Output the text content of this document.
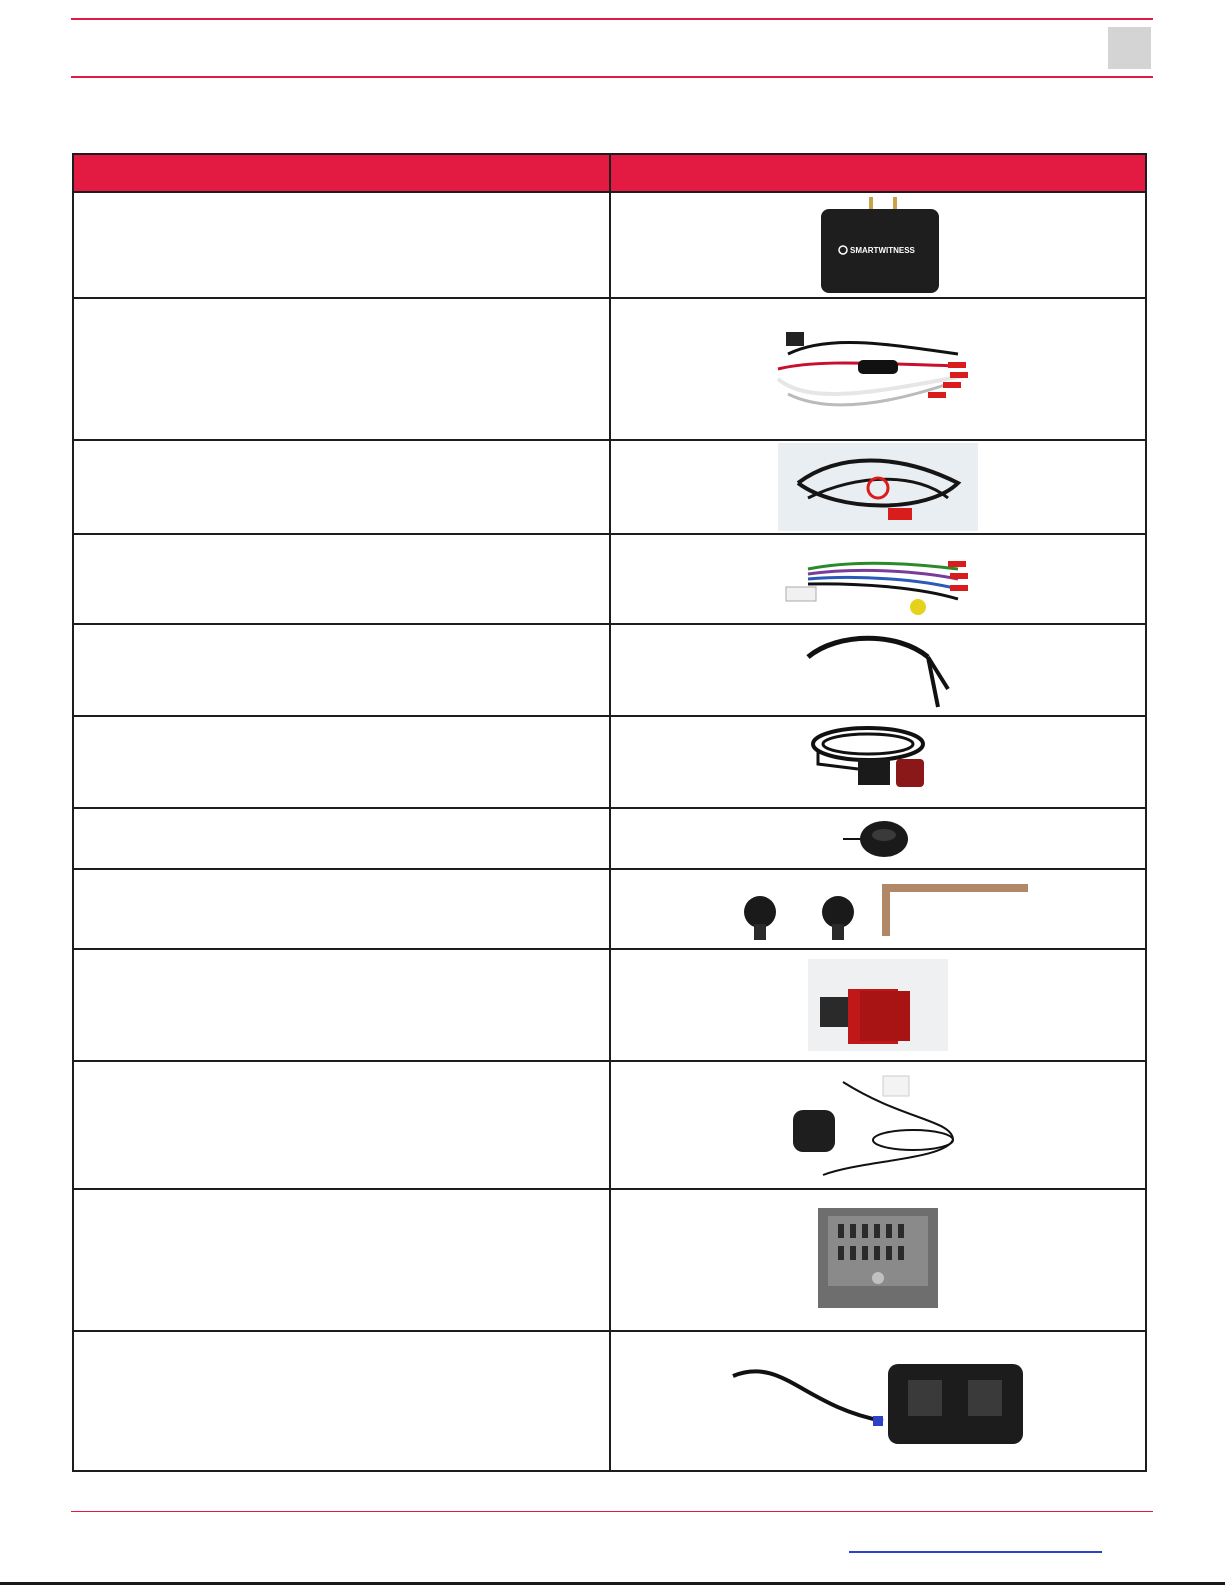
SMARTWITNESS
